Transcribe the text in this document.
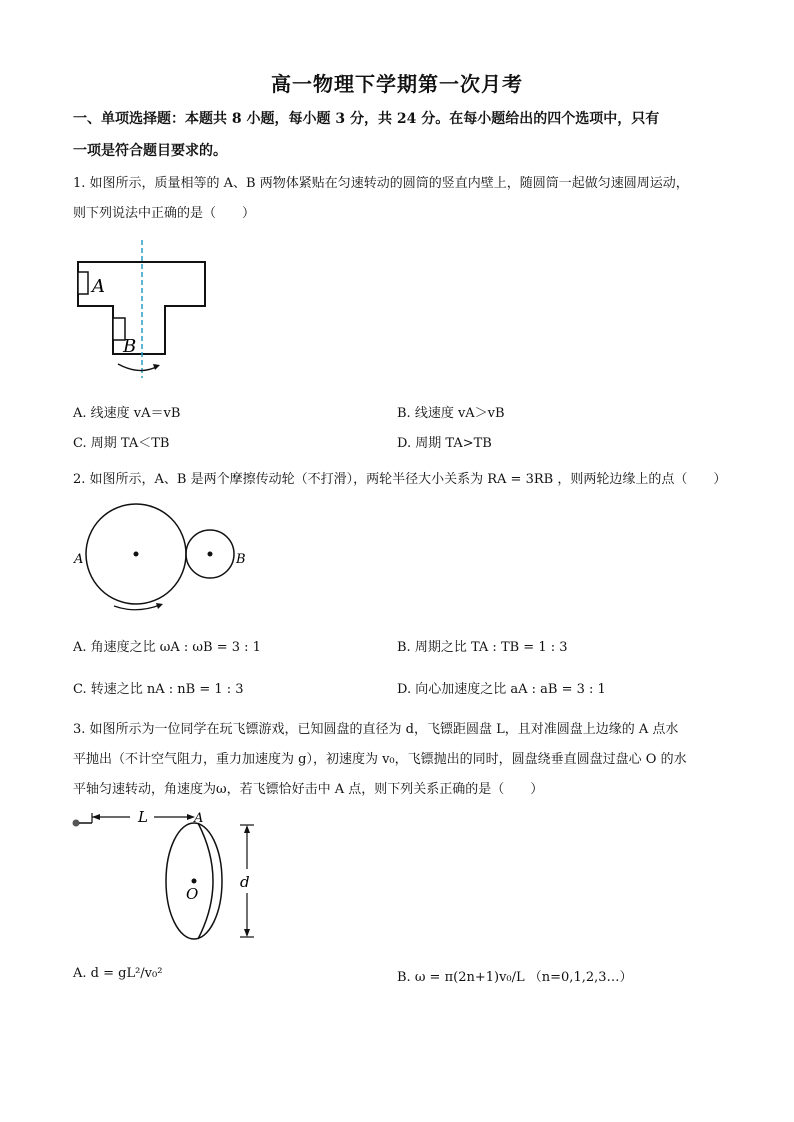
高一物理下学期第一次月考
一、单项选择题：本题共 8 小题，每小题 3 分，共 24 分。在每小题给出的四个选项中，只有
一项是符合题目要求的。
1. 如图所示，质量相等的 A、B 两物体紧贴在匀速转动的圆筒的竖直内壁上，随圆筒一起做匀速圆周运动，
则下列说法中正确的是（　　）
A
B
A. 线速度 vA＝vB	B. 线速度 vA＞vB
C. 周期 TA＜TB	D. 周期 TA>TB
2. 如图所示，A、B 是两个摩擦传动轮（不打滑），两轮半径大小关系为 RA = 3RB ，则两轮边缘上的点（　　）
A	B
A. 角速度之比 ωA : ωB = 3 : 1	B. 周期之比 TA : TB = 1 : 3
C. 转速之比 nA : nB = 1 : 3	D. 向心加速度之比 aA : aB = 3 : 1
3. 如图所示为一位同学在玩飞镖游戏，已知圆盘的直径为 d，飞镖距圆盘 L，且对准圆盘上边缘的 A 点水
平抛出（不计空气阻力，重力加速度为 g），初速度为 v₀，飞镖抛出的同时，圆盘绕垂直圆盘过盘心 O 的水
平轴匀速转动，角速度为ω，若飞镖恰好击中 A 点，则下列关系正确的是（　　）
L	A
O
d
A. d = gL²/v₀²	B. ω = π(2n+1)v₀/L （n=0,1,2,3…）
